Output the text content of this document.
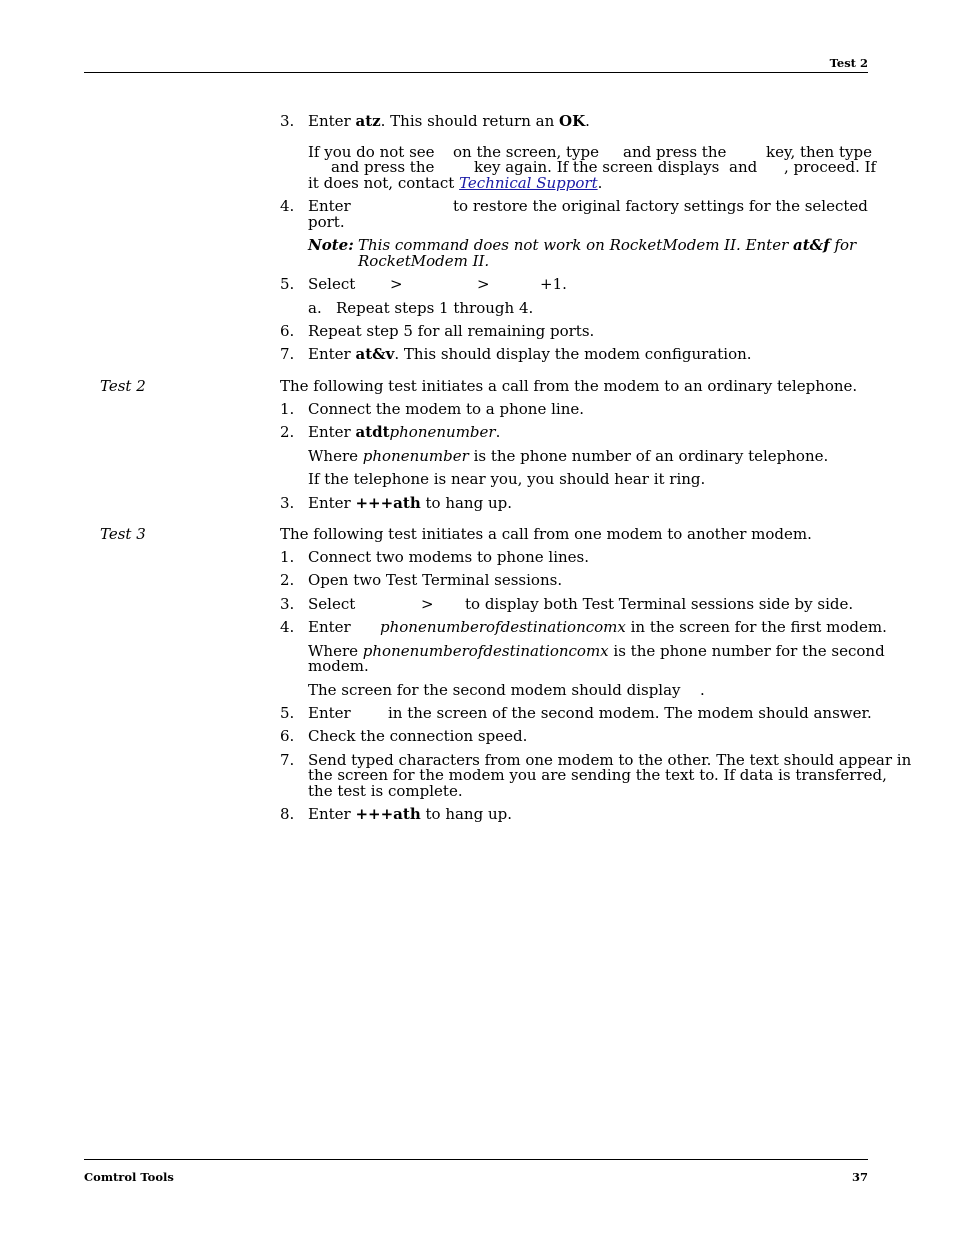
Test 2
Comtrol Tools	37
3. Enter atz. This should return an OK.
If you do not see on the screen, type and press the	key, then type
and press the	key again. If the screen displays and , proceed. If
it does not, contact Technical Support.
4. Enter	to restore the original factory settings for the selected
port.
Note: This command does not work on RocketModem II. Enter at&f for
RocketModem II.
5. Select >	>	+1.
a. Repeat steps 1 through 4.
6. Repeat step 5 for all remaining ports.
7. Enter at&v. This should display the modem configuration.
Test 2	The following test initiates a call from the modem to an ordinary telephone.
1. Connect the modem to a phone line.
2. Enter atdtphonenumber.
Where phonenumber is the phone number of an ordinary telephone.
If the telephone is near you, you should hear it ring.
3. Enter +++ath to hang up.
Test 3	The following test initiates a call from one modem to another modem.
1. Connect two modems to phone lines.
2. Open two Test Terminal sessions.
3. Select	> to display both Test Terminal sessions side by side.
4. Enter phonenumberofdestinationcomx in the screen for the first modem.
Where phonenumberofdestinationcomx is the phone number for the second
modem.
The screen for the second modem should display .
5. Enter in the screen of the second modem. The modem should answer.
6. Check the connection speed.
7. Send typed characters from one modem to the other. The text should appear in
the screen for the modem you are sending the text to. If data is transferred,
the test is complete.
8. Enter +++ath to hang up.
